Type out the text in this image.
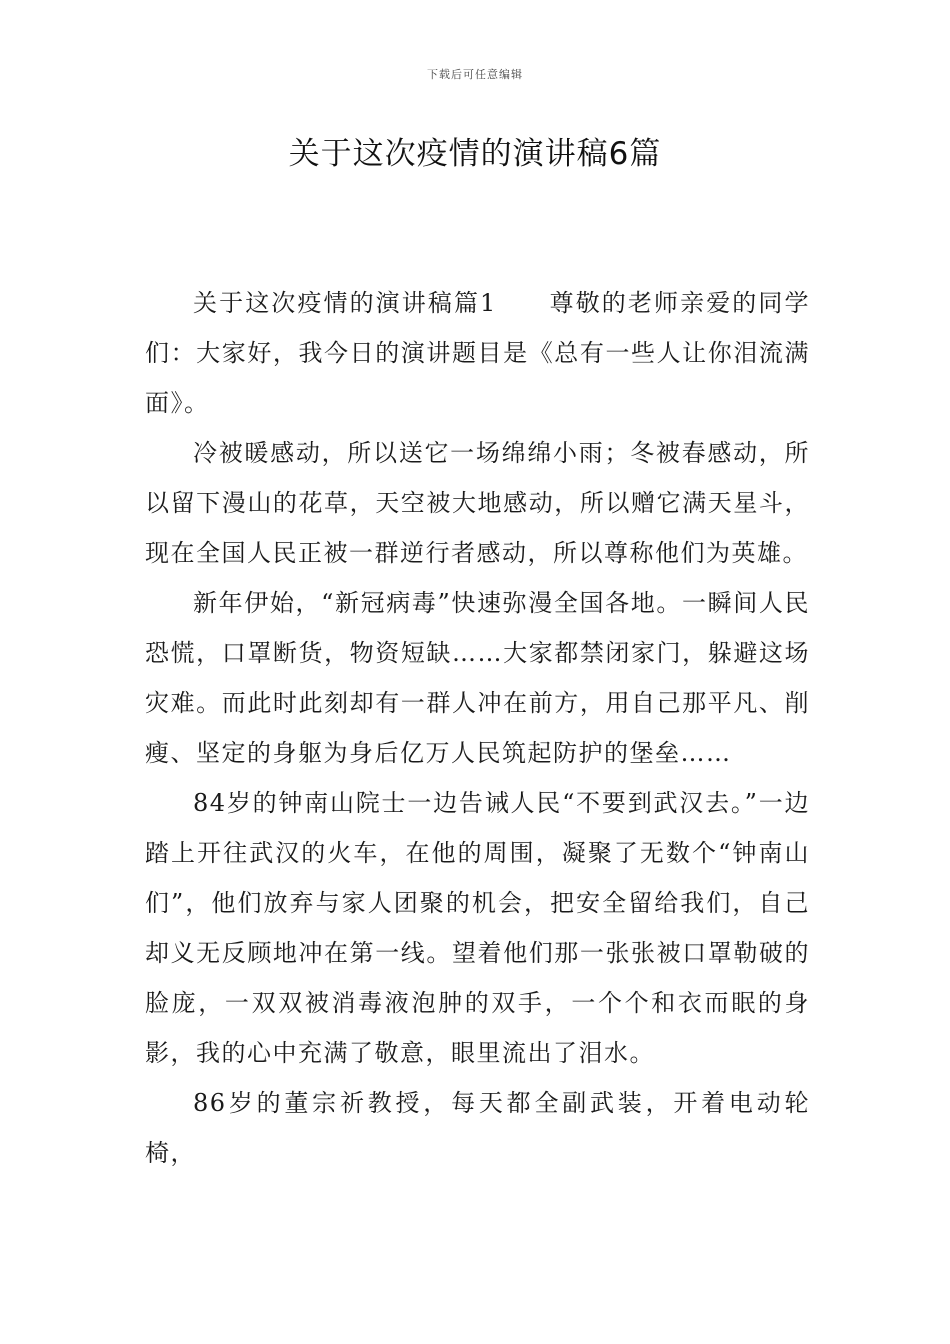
下载后可任意编辑
关于这次疫情的演讲稿6篇

关于这次疫情的演讲稿篇1　　尊敬的老师亲爱的同学们：大家好，我今日的演讲题目是《总有一些人让你泪流满面》。

冷被暖感动，所以送它一场绵绵小雨；冬被春感动，所以留下漫山的花草，天空被大地感动，所以赠它满天星斗，现在全国人民正被一群逆行者感动，所以尊称他们为英雄。

新年伊始，“新冠病毒”快速弥漫全国各地。一瞬间人民恐慌，口罩断货，物资短缺……大家都禁闭家门，躲避这场灾难。而此时此刻却有一群人冲在前方，用自己那平凡、削瘦、坚定的身躯为身后亿万人民筑起防护的堡垒……

84岁的钟南山院士一边告诫人民“不要到武汉去。”一边踏上开往武汉的火车，在他的周围，凝聚了无数个“钟南山们”，他们放弃与家人团聚的机会，把安全留给我们，自己却义无反顾地冲在第一线。望着他们那一张张被口罩勒破的脸庞，一双双被消毒液泡肿的双手，一个个和衣而眠的身影，我的心中充满了敬意，眼里流出了泪水。

86岁的董宗祈教授，每天都全副武装，开着电动轮椅，
